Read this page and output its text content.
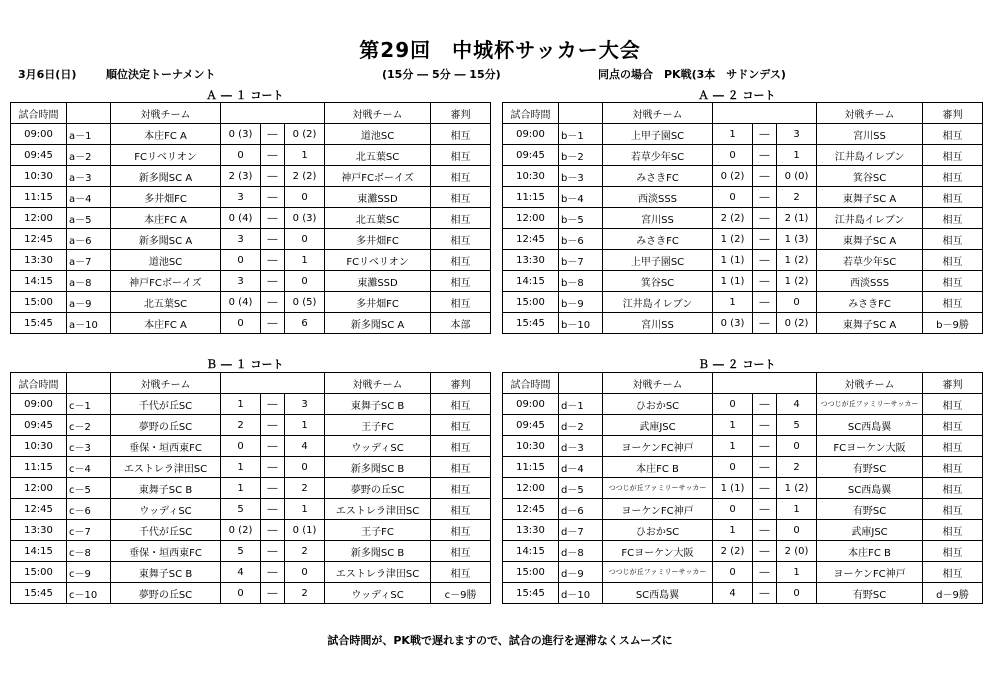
第29回　中城杯サッカー大会
3月6日(日)	順位決定トーナメント	(15分 ― 5分 ― 15分)	同点の場合　PK戦(3本　サドンデス)
Ａ ― １ コート	Ａ ― ２ コート
Ｂ ― １ コート	Ｂ ― ２ コート
試合時間		対戦チーム				対戦チーム	審判
09:00	a－1	本庄FC A	0 (3)	―	0 (2)	道池SC	相互
09:45	a－2	FCリベリオン	0	―	1	北五葉SC	相互
10:30	a－3	新多聞SC A	2 (3)	―	2 (2)	神戸FCボーイズ	相互
11:15	a－4	多井畑FC	3	―	0	東灘SSD	相互
12:00	a－5	本庄FC A	0 (4)	―	0 (3)	北五葉SC	相互
12:45	a－6	新多聞SC A	3	―	0	多井畑FC	相互
13:30	a－7	道池SC	0	―	1	FCリベリオン	相互
14:15	a－8	神戸FCボーイズ	3	―	0	東灘SSD	相互
15:00	a－9	北五葉SC	0 (4)	―	0 (5)	多井畑FC	相互
15:45	a－10	本庄FC A	0	―	6	新多聞SC A	本部
試合時間		対戦チーム				対戦チーム	審判
09:00	b－1	上甲子園SC	1	―	3	宮川SS	相互
09:45	b－2	若草少年SC	0	―	1	江井島イレブン	相互
10:30	b－3	みさきFC	0 (2)	―	0 (0)	箕谷SC	相互
11:15	b－4	西淡SSS	0	―	2	東舞子SC A	相互
12:00	b－5	宮川SS	2 (2)	―	2 (1)	江井島イレブン	相互
12:45	b－6	みさきFC	1 (2)	―	1 (3)	東舞子SC A	相互
13:30	b－7	上甲子園SC	1 (1)	―	1 (2)	若草少年SC	相互
14:15	b－8	箕谷SC	1 (1)	―	1 (2)	西淡SSS	相互
15:00	b－9	江井島イレブン	1	―	0	みさきFC	相互
15:45	b－10	宮川SS	0 (3)	―	0 (2)	東舞子SC A	b－9勝
試合時間		対戦チーム				対戦チーム	審判
09:00	c－1	千代が丘SC	1	―	3	東舞子SC B	相互
09:45	c－2	夢野の丘SC	2	―	1	王子FC	相互
10:30	c－3	垂保・垣西東FC	0	―	4	ウッディSC	相互
11:15	c－4	エストレラ津田SC	1	―	0	新多聞SC B	相互
12:00	c－5	東舞子SC B	1	―	2	夢野の丘SC	相互
12:45	c－6	ウッディSC	5	―	1	エストレラ津田SC	相互
13:30	c－7	千代が丘SC	0 (2)	―	0 (1)	王子FC	相互
14:15	c－8	垂保・垣西東FC	5	―	2	新多聞SC B	相互
15:00	c－9	東舞子SC B	4	―	0	エストレラ津田SC	相互
15:45	c－10	夢野の丘SC	0	―	2	ウッディSC	c－9勝
試合時間		対戦チーム				対戦チーム	審判
09:00	d－1	ひおかSC	0	―	4	つつじが丘ファミリーサッカー	相互
09:45	d－2	武庫JSC	1	―	5	SC西島翼	相互
10:30	d－3	ヨーケンFC神戸	1	―	0	FCヨーケン大阪	相互
11:15	d－4	本庄FC B	0	―	2	有野SC	相互
12:00	d－5	つつじが丘ファミリーサッカー	1 (1)	―	1 (2)	SC西島翼	相互
12:45	d－6	ヨーケンFC神戸	0	―	1	有野SC	相互
13:30	d－7	ひおかSC	1	―	0	武庫JSC	相互
14:15	d－8	FCヨーケン大阪	2 (2)	―	2 (0)	本庄FC B	相互
15:00	d－9	つつじが丘ファミリーサッカー	0	―	1	ヨーケンFC神戸	相互
15:45	d－10	SC西島翼	4	―	0	有野SC	d－9勝
試合時間が、PK戦で遅れますので、試合の進行を遅滞なくスムーズに
